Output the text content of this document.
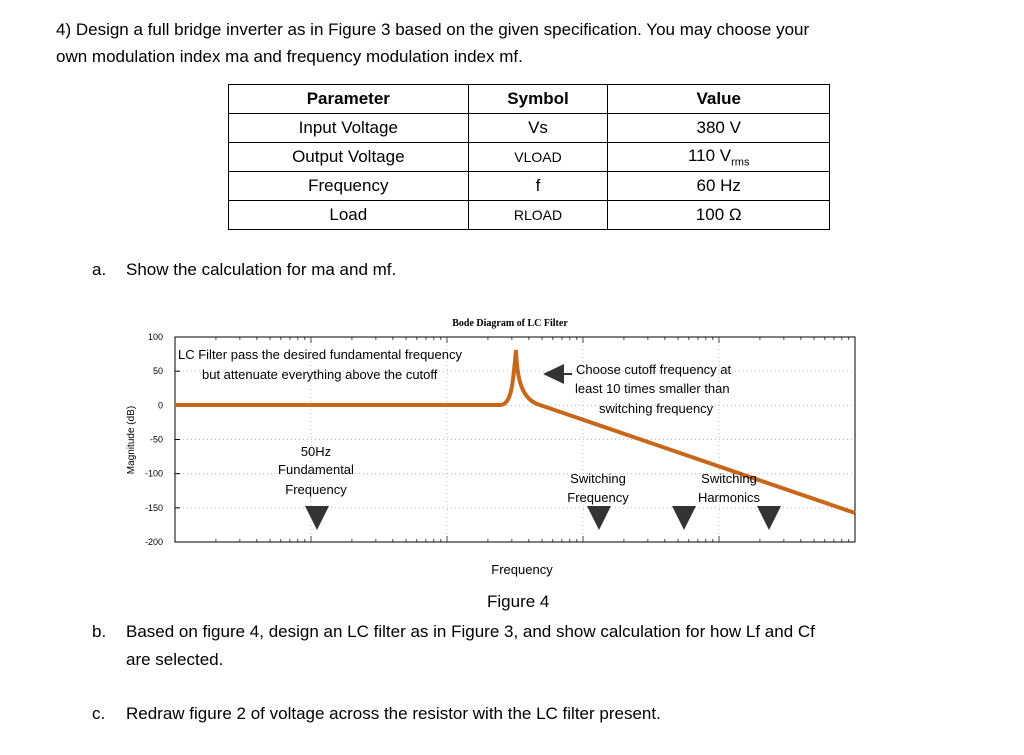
4) Design a full bridge inverter as in Figure 3 based on the given specification. You may choose your
own modulation index ma and frequency modulation index mf.
Parameter	Symbol	Value
Input Voltage	Vs	380 V
Output Voltage	VLOAD	110 $V_{rms}$
Frequency	f	60 Hz
Load	RLOAD	100 Ω
a. Show the calculation for ma and mf.
Bode Diagram of LC Filter
Magnitude (dB)
100
50
0
-50
-100
-150
-200
LC Filter pass the desired fundamental frequency
but attenuate everything above the cutoff	Choose cutoff frequency at
least 10 times smaller than
switching frequency
50Hz
Fundamental
Frequency
Switching
Frequency
Switching
Harmonics
Frequency
Figure 4
b. Based on figure 4, design an LC filter as in Figure 3, and show calculation for how Lf and Cf
are selected.
c. Redraw figure 2 of voltage across the resistor with the LC filter present.
